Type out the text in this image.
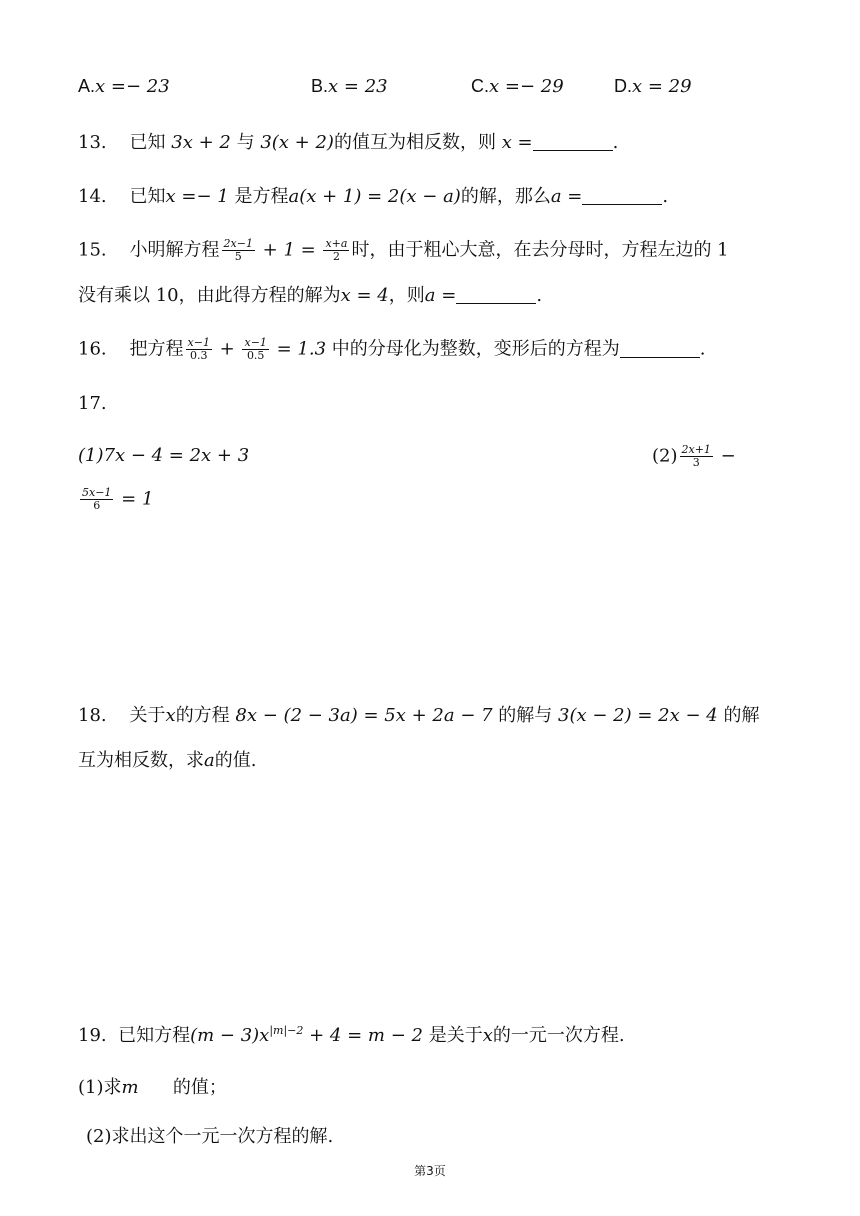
A.x =− 23	B.x = 23	C.x =− 29	D.x = 29
13. 已知 3x + 2 与 3(x + 2)的值互为相反数，则 x =	.
14. 已知x =− 1 是方程a(x + 1) = 2(x − a)的解，那么a =	.
15. 小明解方程 $\frac{2x-1}{5} + 1 = \frac{x+a}{2}$ 时，由于粗心大意，在去分母时，方程左边的 1
没有乘以 10，由此得方程的解为x = 4，则a =	.
16. 把方程 $\frac{x-1}{0.3} + \frac{x-1}{0.5} = 1.3$ 中的分母化为整数，变形后的方程为	.
17.
(1)7x − 4 = 2x + 3	$(2) \frac{2x+1}{3}$ −
$\frac{5x-1}{6} = 1$
18. 关于x的方程 8x − (2 − 3a) = 5x + 2a − 7 的解与 3(x − 2) = 2x − 4 的解
互为相反数，求a的值.
19. 已知方程$(m - 3)x^{|m|-2} + 4 = m - 2$ 是关于x的一元一次方程.
(1)求m      的值；
(2)求出这个一元一次方程的解.
第3页
